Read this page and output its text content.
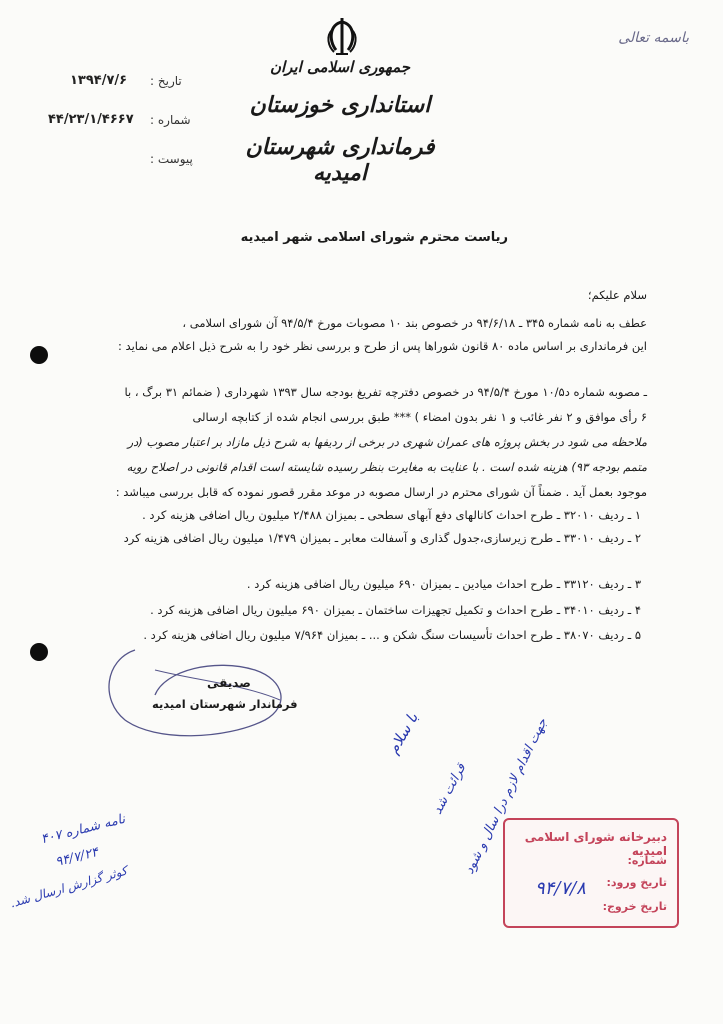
باسمه تعالی
جمهوری اسلامی ایران
استانداری خوزستان
فرمانداری شهرستان امیدیه
تاریخ :
۱۳۹۴/۷/۶
شماره :
۴۴/۲۳/۱/۴۶۶۷
پیوست :
ریاست محترم شورای اسلامی شهر امیدیه
سلام علیکم؛
عطف به نامه شماره ۳۴۵ ـ ۹۴/۶/۱۸ در خصوص بند ۱۰ مصوبات مورخ ۹۴/۵/۴ آن شورای اسلامی ،
این فرمانداری بر اساس ماده ۸۰ قانون شوراها پس از طرح و بررسی نظر خود را به شرح ذیل اعلام می نماید :
ـ مصوبه شماره د۱۰/۵ مورخ ۹۴/۵/۴ در خصوص دفترچه تفریغ بودجه سال ۱۳۹۳ شهرداری ( ضمائم ۳۱ برگ ، با
۶ رأی موافق و ۲ نفر غائب و ۱ نفر بدون امضاء ) *** طبق بررسی انجام شده از کتابچه ارسالی
ملاحظه می شود در بخش پروژه های عمران شهری در برخی از ردیفها به شرح ذیل مازاد بر اعتبار مصوب (در
متمم بودجه ۹۳) هزینه شده است . با عنایت به مغایرت بنظر رسیده شایسته است اقدام قانونی در اصلاح رویه
موجود بعمل آید . ضمناً آن شورای محترم در ارسال مصوبه در موعد مقرر قصور نموده که قابل بررسی میباشد :
۱ ـ ردیف ۳۲۰۱۰ ـ طرح احداث کانالهای دفع آبهای سطحی ـ بمیزان ۲/۴۸۸ میلیون ریال اضافی هزینه کرد .
۲ ـ ردیف ۳۳۰۱۰ ـ طرح زیرسازی،جدول گذاری و آسفالت معابر ـ بمیزان ۱/۴۷۹ میلیون ریال اضافی هزینه کرد
۳ ـ ردیف ۳۳۱۲۰ ـ طرح احداث میادین ـ بمیزان ۶۹۰ میلیون ریال اضافی هزینه کرد .
۴ ـ ردیف ۳۴۰۱۰ ـ طرح احداث و تکمیل تجهیزات ساختمان ـ بمیزان ۶۹۰ میلیون ریال اضافی هزینه کرد .
۵ ـ ردیف ۳۸۰۷۰ ـ طرح احداث تأسیسات سنگ شکن و ... ـ بمیزان ۷/۹۶۴ میلیون ریال اضافی هزینه کرد .
صدیقی
فرماندار شهرستان امیدیه
با سلام
قرائت شد
جهت اقدام لازم درا سال و شود
نامه شماره ۴۰۷
۹۴/۷/۲۴
کوثر گزارش ارسال شد.
دبیرخانه شورای اسلامی امیدیه
شماره:
تاریخ ورود:
۹۴/۷/۸
تاریخ خروج:
